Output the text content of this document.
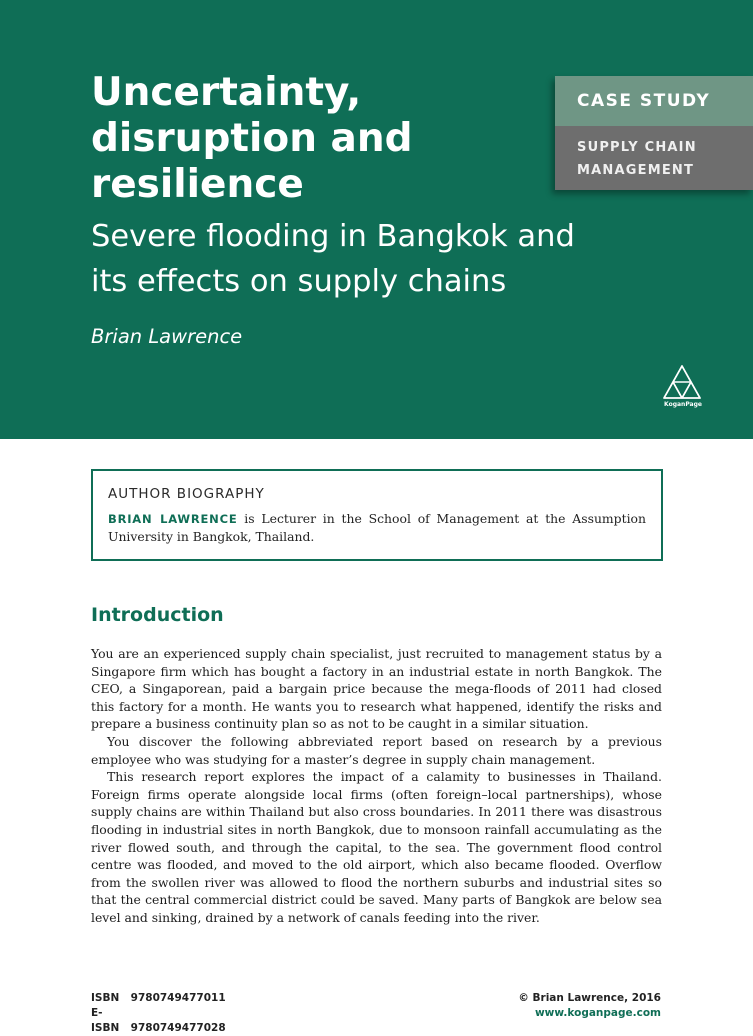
Uncertainty, disruption and resilience
Severe flooding in Bangkok and its effects on supply chains
Brian Lawrence
CASE STUDY
SUPPLY CHAIN
MANAGEMENT
KoganPage
AUTHOR BIOGRAPHY
BRIAN LAWRENCE is Lecturer in the School of Management at the Assumption University in Bangkok, Thailand.
Introduction

You are an experienced supply chain specialist, just recruited to management status by a Singapore firm which has bought a factory in an industrial estate in north Bangkok. The CEO, a Singaporean, paid a bargain price because the mega-floods of 2011 had closed this factory for a month. He wants you to research what happened, identify the risks and prepare a business continuity plan so as not to be caught in a similar situation.

You discover the following abbreviated report based on research by a previous employee who was studying for a master’s degree in supply chain management.

This research report explores the impact of a calamity to businesses in Thailand. Foreign firms operate alongside local firms (often foreign–local partnerships), whose supply chains are within Thailand but also cross boundaries. In 2011 there was disastrous flooding in industrial sites in north Bangkok, due to monsoon rainfall accumulating as the river flowed south, and through the capital, to the sea. The government flood control centre was flooded, and moved to the old airport, which also became flooded. Overflow from the swollen river was allowed to flood the northern suburbs and industrial sites so that the central commercial district could be saved. Many parts of Bangkok are below sea level and sinking, drained by a network of canals feeding into the river.

ISBN 9780749477011
E-ISBN 9780749477028
© Brian Lawrence, 2016
www.koganpage.com
